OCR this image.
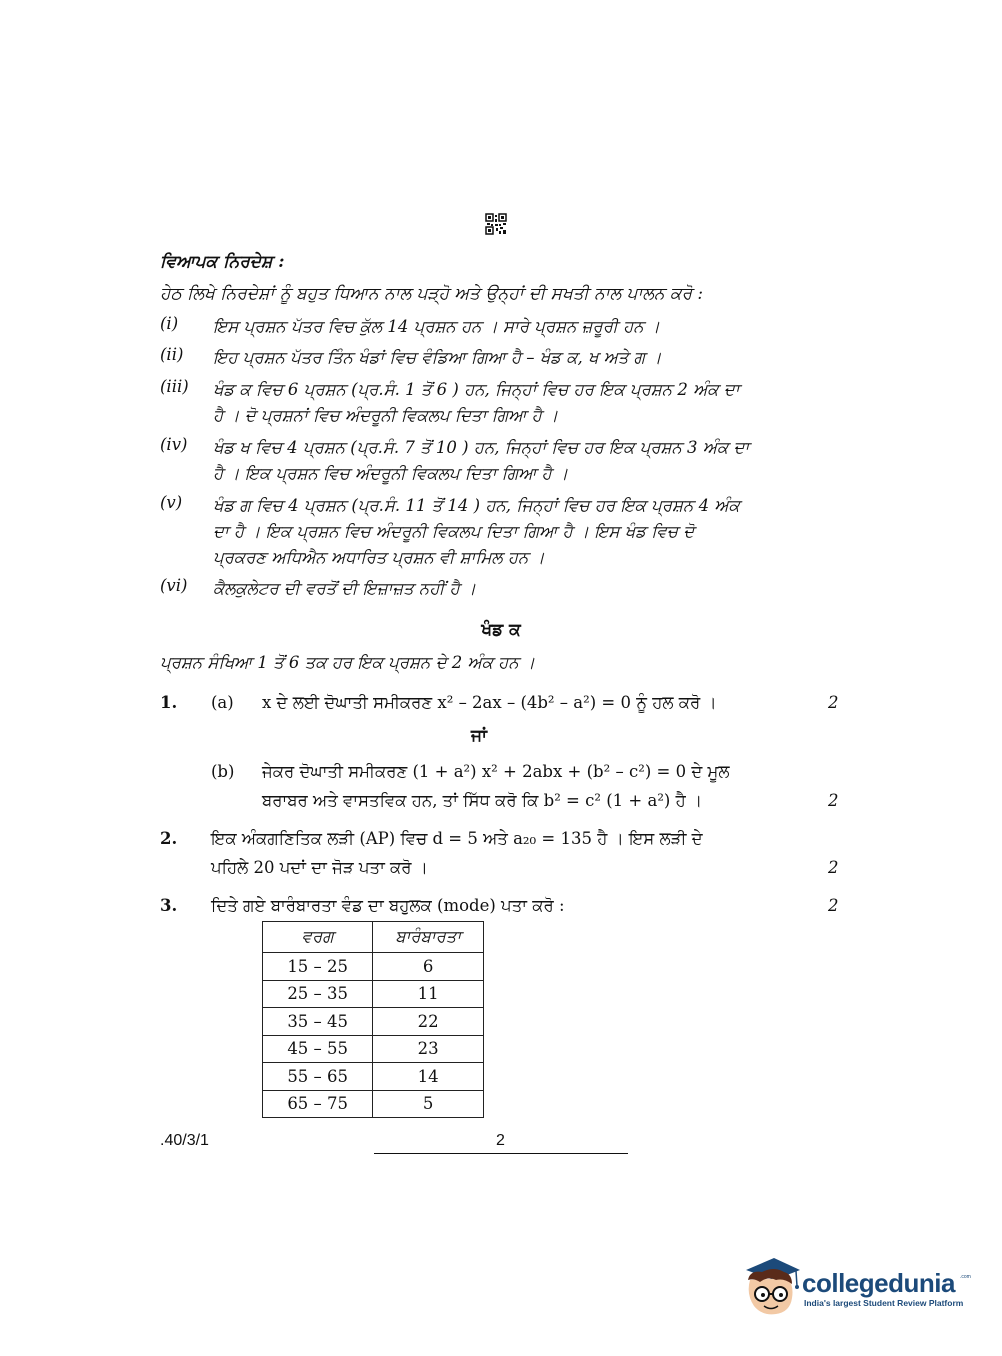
ਵਿਆਪਕ ਨਿਰਦੇਸ਼ :
ਹੇਠ ਲਿਖੇ ਨਿਰਦੇਸ਼ਾਂ ਨੂੰ ਬਹੁਤ ਧਿਆਨ ਨਾਲ ਪੜ੍ਹੋ ਅਤੇ ਉਨ੍ਹਾਂ ਦੀ ਸਖਤੀ ਨਾਲ ਪਾਲਨ ਕਰੋ :
(i)	ਇਸ ਪ੍ਰਸ਼ਨ ਪੱਤਰ ਵਿਚ ਕੁੱਲ 14 ਪ੍ਰਸ਼ਨ ਹਨ । ਸਾਰੇ ਪ੍ਰਸ਼ਨ ਜ਼ਰੂਰੀ ਹਨ ।
(ii)	ਇਹ ਪ੍ਰਸ਼ਨ ਪੱਤਰ ਤਿੰਨ ਖੰਡਾਂ ਵਿਚ ਵੰਡਿਆ ਗਿਆ ਹੈ – ਖੰਡ ਕ, ਖ ਅਤੇ ਗ ।
(iii)	ਖੰਡ ਕ ਵਿਚ 6 ਪ੍ਰਸ਼ਨ (ਪ੍ਰ.ਸੰ. 1 ਤੋਂ 6 ) ਹਨ, ਜਿਨ੍ਹਾਂ ਵਿਚ ਹਰ ਇਕ ਪ੍ਰਸ਼ਨ 2 ਅੰਕ ਦਾ
ਹੈ । ਦੋ ਪ੍ਰਸ਼ਨਾਂ ਵਿਚ ਅੰਦਰੂਨੀ ਵਿਕਲਪ ਦਿਤਾ ਗਿਆ ਹੈ ।
(iv)	ਖੰਡ ਖ ਵਿਚ 4 ਪ੍ਰਸ਼ਨ (ਪ੍ਰ.ਸੰ. 7 ਤੋਂ 10 ) ਹਨ, ਜਿਨ੍ਹਾਂ ਵਿਚ ਹਰ ਇਕ ਪ੍ਰਸ਼ਨ 3 ਅੰਕ ਦਾ
ਹੈ । ਇਕ ਪ੍ਰਸ਼ਨ ਵਿਚ ਅੰਦਰੂਨੀ ਵਿਕਲਪ ਦਿਤਾ ਗਿਆ ਹੈ ।
(v)	ਖੰਡ ਗ ਵਿਚ 4 ਪ੍ਰਸ਼ਨ (ਪ੍ਰ.ਸੰ. 11 ਤੋਂ 14 ) ਹਨ, ਜਿਨ੍ਹਾਂ ਵਿਚ ਹਰ ਇਕ ਪ੍ਰਸ਼ਨ 4 ਅੰਕ
ਦਾ ਹੈ । ਇਕ ਪ੍ਰਸ਼ਨ ਵਿਚ ਅੰਦਰੂਨੀ ਵਿਕਲਪ ਦਿਤਾ ਗਿਆ ਹੈ । ਇਸ ਖੰਡ ਵਿਚ ਦੋ
ਪ੍ਰਕਰਣ ਅਧਿਐਨ ਅਧਾਰਿਤ ਪ੍ਰਸ਼ਨ ਵੀ ਸ਼ਾਮਿਲ ਹਨ ।
(vi)	ਕੈਲਕੁਲੇਟਰ ਦੀ ਵਰਤੋਂ ਦੀ ਇਜ਼ਾਜ਼ਤ ਨਹੀਂ ਹੈ ।
ਖੰਡ ਕ
ਪ੍ਰਸ਼ਨ ਸੰਖਿਆ 1 ਤੋਂ 6 ਤਕ ਹਰ ਇਕ ਪ੍ਰਸ਼ਨ ਦੇ 2 ਅੰਕ ਹਨ ।
1. (a) x ਦੇ ਲਈ ਦੋਘਾਤੀ ਸਮੀਕਰਣ x² – 2ax – (4b² – a²) = 0 ਨੂੰ ਹਲ ਕਰੋ ।	2
ਜਾਂ
(b) ਜੇਕਰ ਦੋਘਾਤੀ ਸਮੀਕਰਣ (1 + a²) x² + 2abx + (b² – c²) = 0 ਦੇ ਮੂਲ
ਬਰਾਬਰ ਅਤੇ ਵਾਸਤਵਿਕ ਹਨ, ਤਾਂ ਸਿੱਧ ਕਰੋ ਕਿ b² = c² (1 + a²) ਹੈ ।	2
2. ਇਕ ਅੰਕਗਣਿਤਿਕ ਲੜੀ (AP) ਵਿਚ d = 5 ਅਤੇ a₂₀ = 135 ਹੈ । ਇਸ ਲੜੀ ਦੇ
ਪਹਿਲੇ 20 ਪਦਾਂ ਦਾ ਜੋੜ ਪਤਾ ਕਰੋ ।	2
3. ਦਿਤੇ ਗਏ ਬਾਰੰਬਾਰਤਾ ਵੰਡ ਦਾ ਬਹੁਲਕ (mode) ਪਤਾ ਕਰੋ :	2
ਵਰਗ	ਬਾਰੰਬਾਰਤਾ
15 – 25	6
25 – 35	11
35 – 45	22
45 – 55	23
55 – 65	14
65 – 75	5
.40/3/1	2
collegedunia .com
India's largest Student Review Platform
